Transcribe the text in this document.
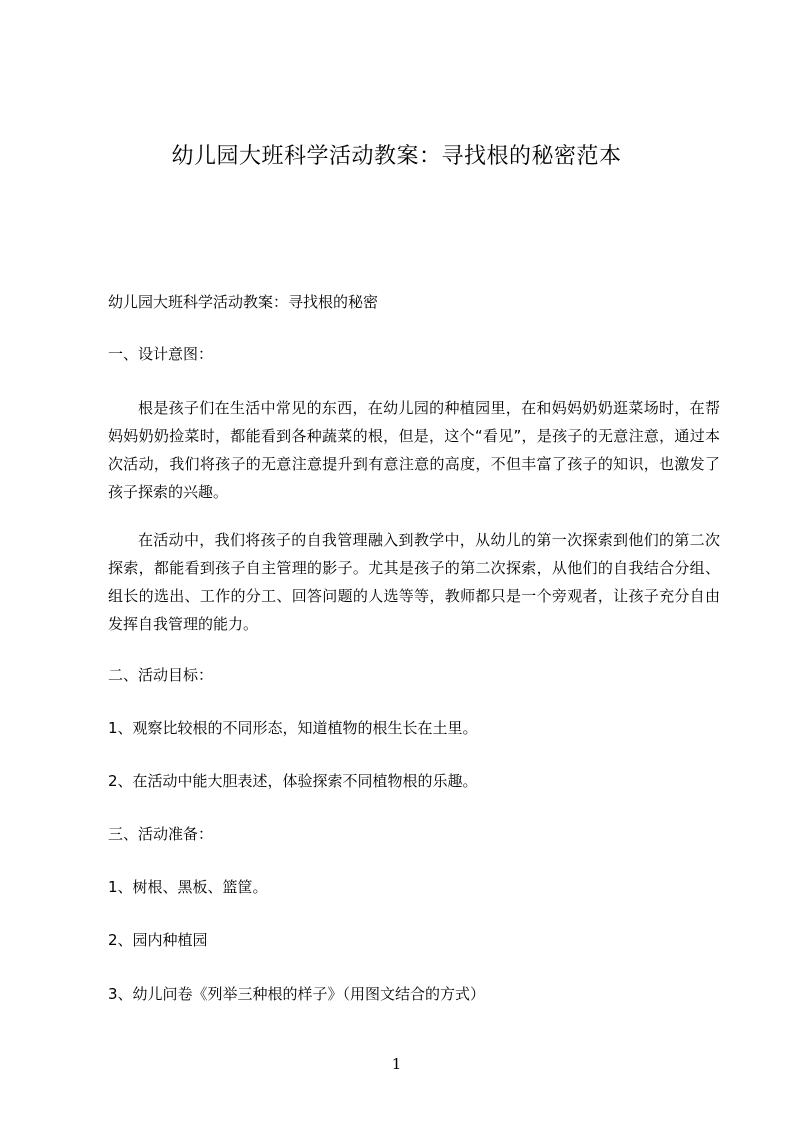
幼儿园大班科学活动教案：寻找根的秘密范本
幼儿园大班科学活动教案：寻找根的秘密
一、设计意图：
根是孩子们在生活中常见的东西，在幼儿园的种植园里，在和妈妈奶奶逛菜场时，在帮妈妈奶奶捡菜时，都能看到各种蔬菜的根，但是，这个“看见”，是孩子的无意注意，通过本次活动，我们将孩子的无意注意提升到有意注意的高度，不但丰富了孩子的知识，也激发了孩子探索的兴趣。
在活动中，我们将孩子的自我管理融入到教学中，从幼儿的第一次探索到他们的第二次探索，都能看到孩子自主管理的影子。尤其是孩子的第二次探索，从他们的自我结合分组、组长的选出、工作的分工、回答问题的人选等等，教师都只是一个旁观者，让孩子充分自由发挥自我管理的能力。
二、活动目标：
1、观察比较根的不同形态，知道植物的根生长在土里。
2、在活动中能大胆表述，体验探索不同植物根的乐趣。
三、活动准备：
1、树根、黑板、篮筐。
2、园内种植园
3、幼儿问卷《列举三种根的样子》（用图文结合的方式）
1
